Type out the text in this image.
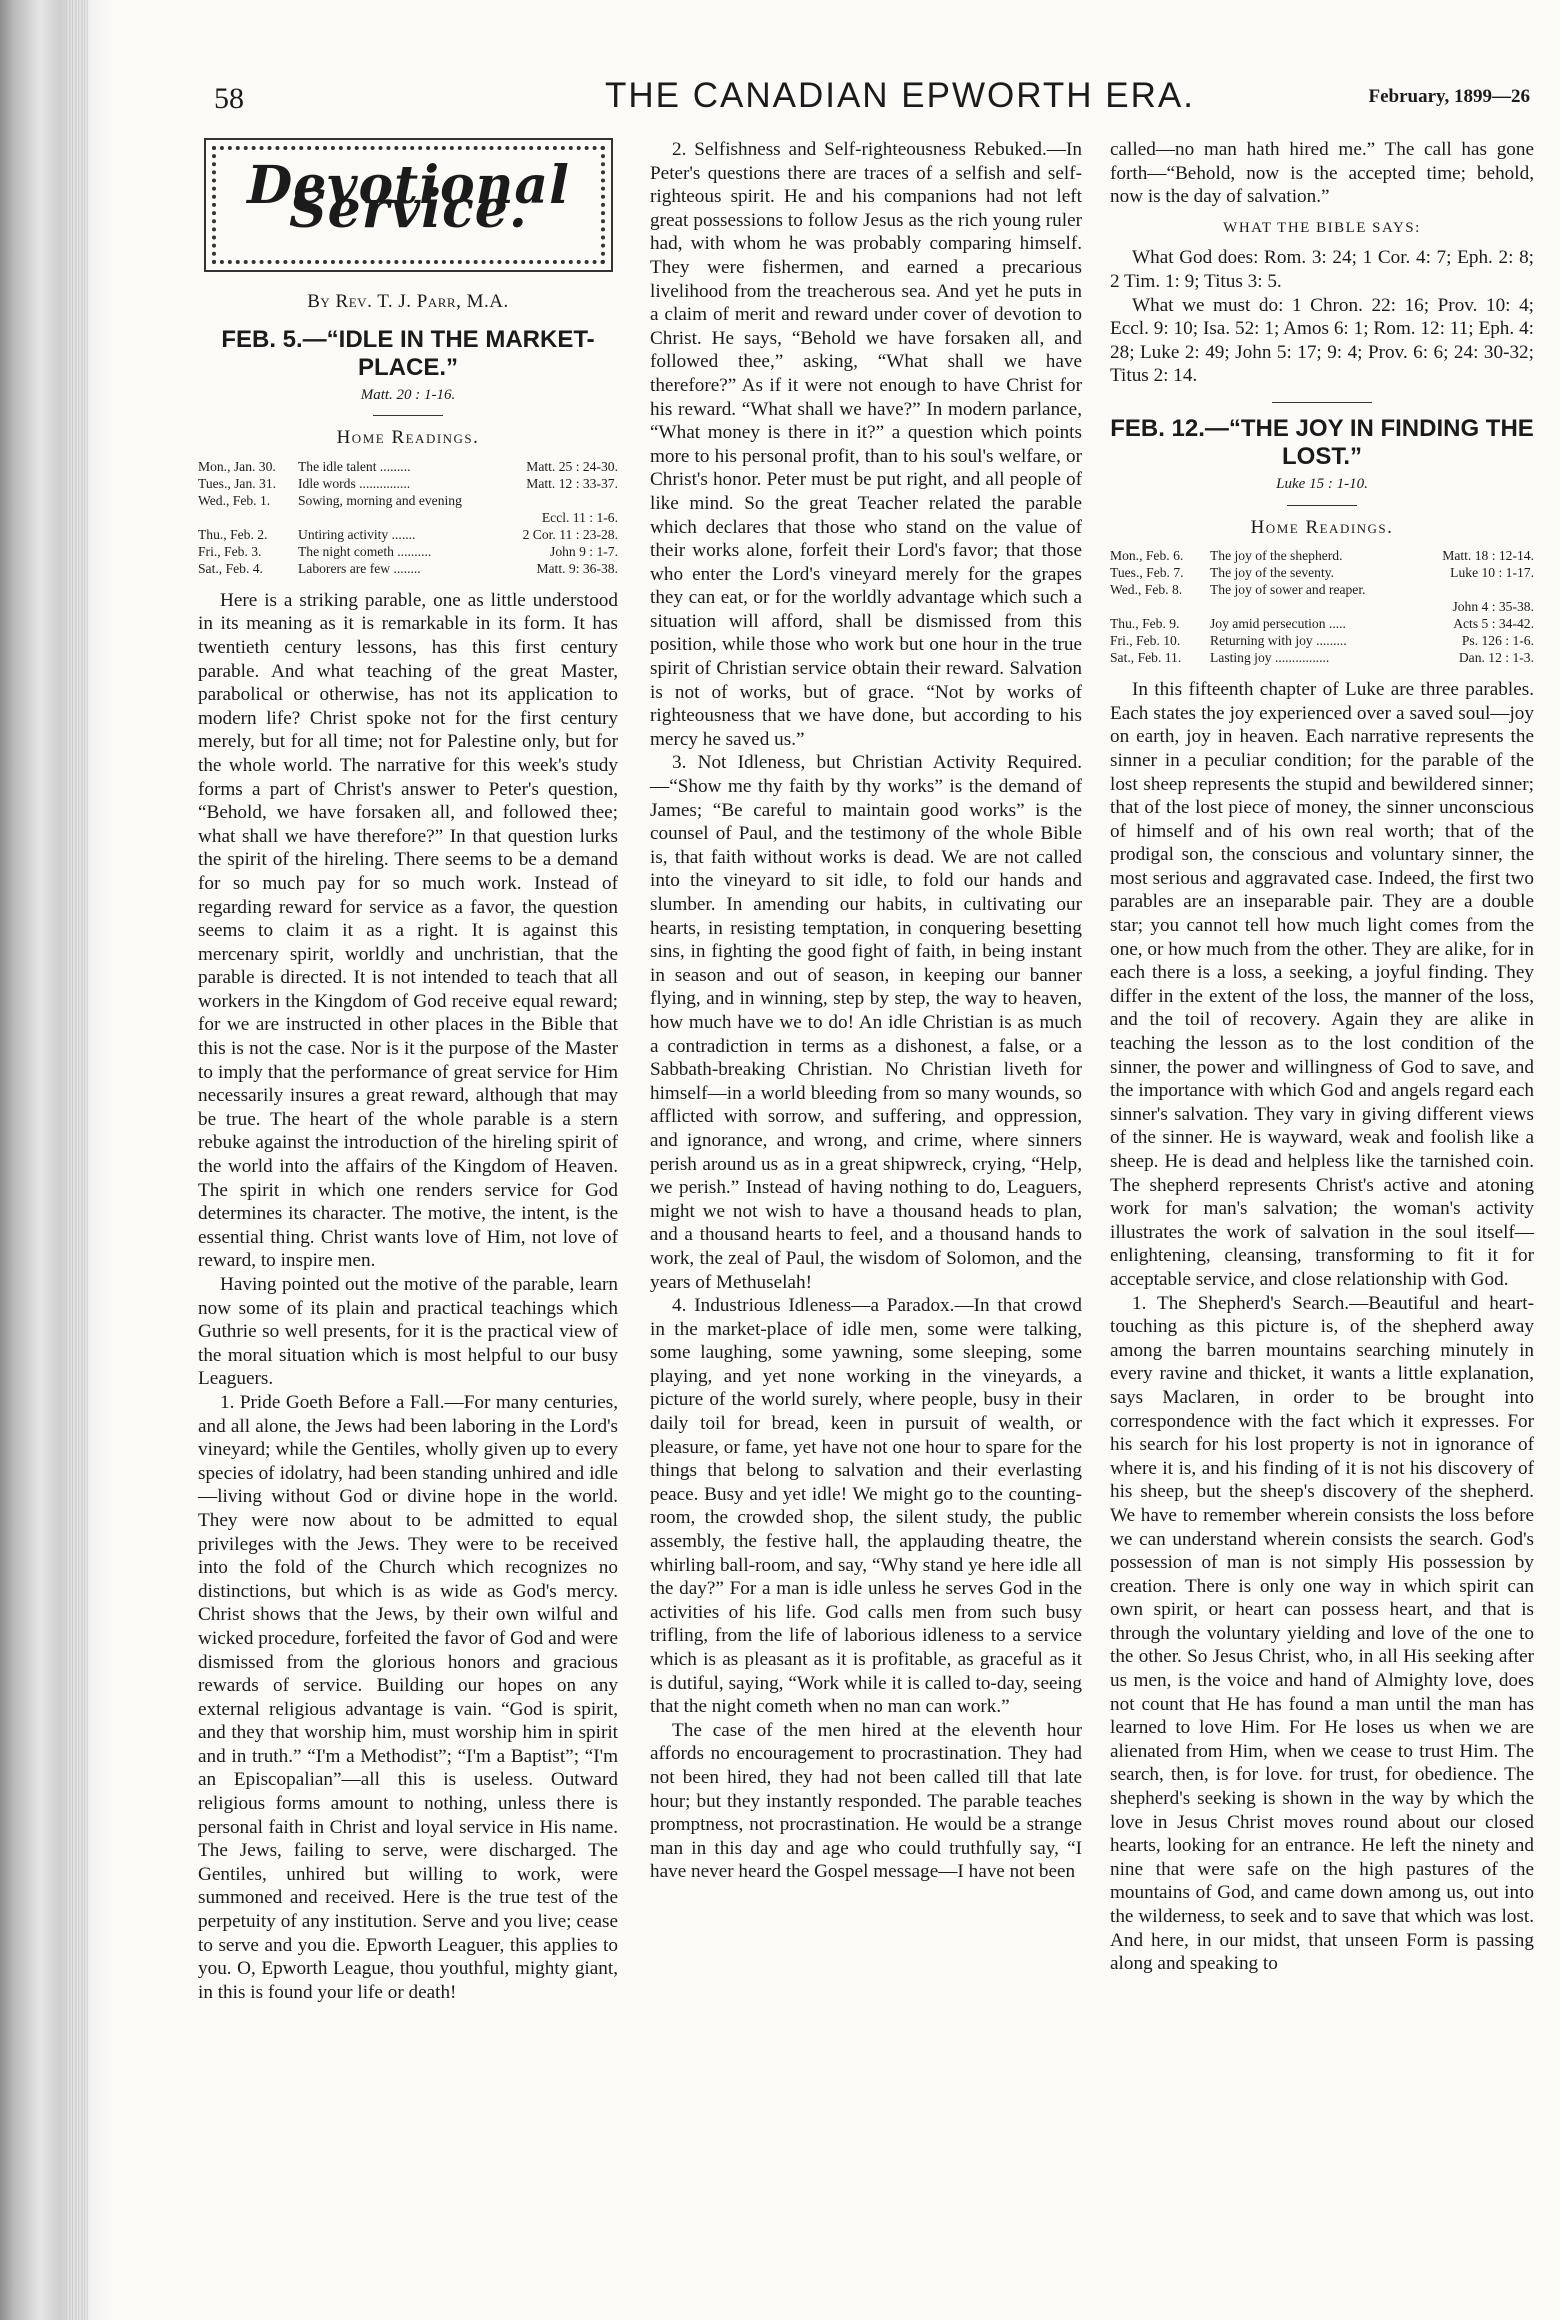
58	THE CANADIAN EPWORTH ERA.	February, 1899—26
Devotional Service.
By Rev. T. J. Parr, M.A.
FEB. 5.—“IDLE IN THE MARKET-PLACE.”
Matt. 20 : 1-16.
Home Readings.
Mon., Jan. 30.	The idle talent .........	Matt. 25 : 24-30.
Tues., Jan. 31.	Idle words ...............	Matt. 12 : 33-37.
Wed., Feb. 1.	Sowing, morning and evening	
		Eccl. 11 : 1-6.
Thu., Feb. 2.	Untiring activity .......	2 Cor. 11 : 23-28.
Fri., Feb. 3.	The night cometh ..........	John 9 : 1-7.
Sat., Feb. 4.	Laborers are few ........	Matt. 9: 36-38.

Here is a striking parable, one as little understood in its meaning as it is remarkable in its form. It has twentieth century lessons, has this first century parable. And what teaching of the great Master, parabolical or otherwise, has not its application to modern life? Christ spoke not for the first century merely, but for all time; not for Palestine only, but for the whole world. The narrative for this week's study forms a part of Christ's answer to Peter's question, “Behold, we have forsaken all, and followed thee; what shall we have therefore?” In that question lurks the spirit of the hireling. There seems to be a demand for so much pay for so much work. Instead of regarding reward for service as a favor, the question seems to claim it as a right. It is against this mercenary spirit, worldly and unchristian, that the parable is directed. It is not intended to teach that all workers in the Kingdom of God receive equal reward; for we are instructed in other places in the Bible that this is not the case. Nor is it the purpose of the Master to imply that the performance of great service for Him necessarily insures a great reward, although that may be true. The heart of the whole parable is a stern rebuke against the introduction of the hireling spirit of the world into the affairs of the Kingdom of Heaven. The spirit in which one renders service for God determines its character. The motive, the intent, is the essential thing. Christ wants love of Him, not love of reward, to inspire men.

Having pointed out the motive of the parable, learn now some of its plain and practical teachings which Guthrie so well presents, for it is the practical view of the moral situation which is most helpful to our busy Leaguers.

1. Pride Goeth Before a Fall.—For many centuries, and all alone, the Jews had been laboring in the Lord's vineyard; while the Gentiles, wholly given up to every species of idolatry, had been standing unhired and idle—living without God or divine hope in the world. They were now about to be admitted to equal privileges with the Jews. They were to be received into the fold of the Church which recognizes no distinctions, but which is as wide as God's mercy. Christ shows that the Jews, by their own wilful and wicked procedure, forfeited the favor of God and were dismissed from the glorious honors and gracious rewards of service. Building our hopes on any external religious advantage is vain. “God is spirit, and they that worship him, must worship him in spirit and in truth.” “I'm a Methodist”; “I'm a Baptist”; “I'm an Episcopalian”—all this is useless. Outward religious forms amount to nothing, unless there is personal faith in Christ and loyal service in His name. The Jews, failing to serve, were discharged. The Gentiles, unhired but willing to work, were summoned and received. Here is the true test of the perpetuity of any institution. Serve and you live; cease to serve and you die. Epworth Leaguer, this applies to you. O, Epworth League, thou youthful, mighty giant, in this is found your life or death!

2. Selfishness and Self-righteousness Rebuked.—In Peter's questions there are traces of a selfish and self-righteous spirit. He and his companions had not left great possessions to follow Jesus as the rich young ruler had, with whom he was probably comparing himself. They were fishermen, and earned a precarious livelihood from the treacherous sea. And yet he puts in a claim of merit and reward under cover of devotion to Christ. He says, “Behold we have forsaken all, and followed thee,” asking, “What shall we have therefore?” As if it were not enough to have Christ for his reward. “What shall we have?” In modern parlance, “What money is there in it?” a question which points more to his personal profit, than to his soul's welfare, or Christ's honor. Peter must be put right, and all people of like mind. So the great Teacher related the parable which declares that those who stand on the value of their works alone, forfeit their Lord's favor; that those who enter the Lord's vineyard merely for the grapes they can eat, or for the worldly advantage which such a situation will afford, shall be dismissed from this position, while those who work but one hour in the true spirit of Christian service obtain their reward. Salvation is not of works, but of grace. “Not by works of righteousness that we have done, but according to his mercy he saved us.”

3. Not Idleness, but Christian Activity Required.—“Show me thy faith by thy works” is the demand of James; “Be careful to maintain good works” is the counsel of Paul, and the testimony of the whole Bible is, that faith without works is dead. We are not called into the vineyard to sit idle, to fold our hands and slumber. In amending our habits, in cultivating our hearts, in resisting temptation, in conquering besetting sins, in fighting the good fight of faith, in being instant in season and out of season, in keeping our banner flying, and in winning, step by step, the way to heaven, how much have we to do! An idle Christian is as much a contradiction in terms as a dishonest, a false, or a Sabbath-breaking Christian. No Christian liveth for himself—in a world bleeding from so many wounds, so afflicted with sorrow, and suffering, and oppression, and ignorance, and wrong, and crime, where sinners perish around us as in a great shipwreck, crying, “Help, we perish.” Instead of having nothing to do, Leaguers, might we not wish to have a thousand heads to plan, and a thousand hearts to feel, and a thousand hands to work, the zeal of Paul, the wisdom of Solomon, and the years of Methuselah!

4. Industrious Idleness—a Paradox.—In that crowd in the market-place of idle men, some were talking, some laughing, some yawning, some sleeping, some playing, and yet none working in the vineyards, a picture of the world surely, where people, busy in their daily toil for bread, keen in pursuit of wealth, or pleasure, or fame, yet have not one hour to spare for the things that belong to salvation and their everlasting peace. Busy and yet idle! We might go to the counting-room, the crowded shop, the silent study, the public assembly, the festive hall, the applauding theatre, the whirling ball-room, and say, “Why stand ye here idle all the day?” For a man is idle unless he serves God in the activities of his life. God calls men from such busy trifling, from the life of laborious idleness to a service which is as pleasant as it is profitable, as graceful as it is dutiful, saying, “Work while it is called to-day, seeing that the night cometh when no man can work.”

The case of the men hired at the eleventh hour affords no encouragement to procrastination. They had not been hired, they had not been called till that late hour; but they instantly responded. The parable teaches promptness, not procrastination. He would be a strange man in this day and age who could truthfully say, “I have never heard the Gospel message—I have not been

called—no man hath hired me.” The call has gone forth—“Behold, now is the accepted time; behold, now is the day of salvation.”

WHAT THE BIBLE SAYS:

What God does: Rom. 3: 24; 1 Cor. 4: 7; Eph. 2: 8; 2 Tim. 1: 9; Titus 3: 5.

What we must do: 1 Chron. 22: 16; Prov. 10: 4; Eccl. 9: 10; Isa. 52: 1; Amos 6: 1; Rom. 12: 11; Eph. 4: 28; Luke 2: 49; John 5: 17; 9: 4; Prov. 6: 6; 24: 30-32; Titus 2: 14.

FEB. 12.—“THE JOY IN FINDING THE LOST.”
Luke 15 : 1-10.
Home Readings.
Mon., Feb. 6.	The joy of the shepherd.	Matt. 18 : 12-14.
Tues., Feb. 7.	The joy of the seventy.	Luke 10 : 1-17.
Wed., Feb. 8.	The joy of sower and reaper.	
		John 4 : 35-38.
Thu., Feb. 9.	Joy amid persecution .....	Acts 5 : 34-42.
Fri., Feb. 10.	Returning with joy .........	Ps. 126 : 1-6.
Sat., Feb. 11.	Lasting joy ................	Dan. 12 : 1-3.

In this fifteenth chapter of Luke are three parables. Each states the joy experienced over a saved soul—joy on earth, joy in heaven. Each narrative represents the sinner in a peculiar condition; for the parable of the lost sheep represents the stupid and bewildered sinner; that of the lost piece of money, the sinner unconscious of himself and of his own real worth; that of the prodigal son, the conscious and voluntary sinner, the most serious and aggravated case. Indeed, the first two parables are an inseparable pair. They are a double star; you cannot tell how much light comes from the one, or how much from the other. They are alike, for in each there is a loss, a seeking, a joyful finding. They differ in the extent of the loss, the manner of the loss, and the toil of recovery. Again they are alike in teaching the lesson as to the lost condition of the sinner, the power and willingness of God to save, and the importance with which God and angels regard each sinner's salvation. They vary in giving different views of the sinner. He is wayward, weak and foolish like a sheep. He is dead and helpless like the tarnished coin. The shepherd represents Christ's active and atoning work for man's salvation; the woman's activity illustrates the work of salvation in the soul itself—enlightening, cleansing, transforming to fit it for acceptable service, and close relationship with God.

1. The Shepherd's Search.—Beautiful and heart-touching as this picture is, of the shepherd away among the barren mountains searching minutely in every ravine and thicket, it wants a little explanation, says Maclaren, in order to be brought into correspondence with the fact which it expresses. For his search for his lost property is not in ignorance of where it is, and his finding of it is not his discovery of his sheep, but the sheep's discovery of the shepherd. We have to remember wherein consists the loss before we can understand wherein consists the search. God's possession of man is not simply His possession by creation. There is only one way in which spirit can own spirit, or heart can possess heart, and that is through the voluntary yielding and love of the one to the other. So Jesus Christ, who, in all His seeking after us men, is the voice and hand of Almighty love, does not count that He has found a man until the man has learned to love Him. For He loses us when we are alienated from Him, when we cease to trust Him. The search, then, is for love. for trust, for obedience. The shepherd's seeking is shown in the way by which the love in Jesus Christ moves round about our closed hearts, looking for an entrance. He left the ninety and nine that were safe on the high pastures of the mountains of God, and came down among us, out into the wilderness, to seek and to save that which was lost. And here, in our midst, that unseen Form is passing along and speaking to
